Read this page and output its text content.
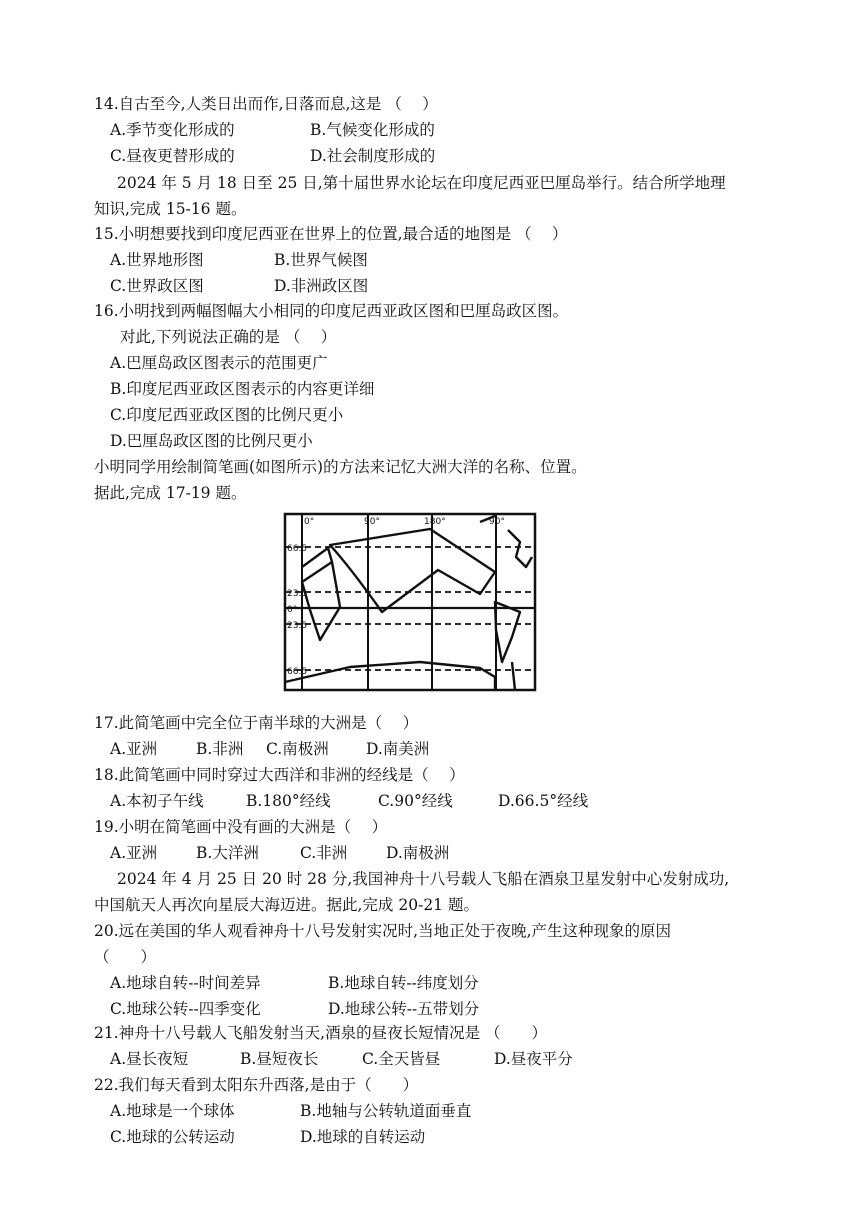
14.自古至今,人类日出而作,日落而息,这是 （　 ）
A.季节变化形成的	B.气候变化形成的
C.昼夜更替形成的	D.社会制度形成的
2024 年 5 月 18 日至 25 日,第十届世界水论坛在印度尼西亚巴厘岛举行。结合所学地理
知识,完成 15-16 题。
15.小明想要找到印度尼西亚在世界上的位置,最合适的地图是 （　 ）
A.世界地形图	B.世界气候图
C.世界政区图	D.非洲政区图
16.小明找到两幅图幅大小相同的印度尼西亚政区图和巴厘岛政区图。
对此,下列说法正确的是 （　 ）
A.巴厘岛政区图表示的范围更广
B.印度尼西亚政区图表示的内容更详细
C.印度尼西亚政区图的比例尺更小
D.巴厘岛政区图的比例尺更小
小明同学用绘制简笔画(如图所示)的方法来记忆大洲大洋的名称、位置。
据此,完成 17-19 题。
0°	90°	180°	90°
66.5
23.5
0°
23.5
66.5
17.此简笔画中完全位于南半球的大洲是（　 ）
A.亚洲	B.非洲 C.南极洲 D.南美洲
18.此简笔画中同时穿过大西洋和非洲的经线是（　 ）
A.本初子午线	B.180°经线	C.90°经线	D.66.5°经线
19.小明在简笔画中没有画的大洲是（　 ）
A.亚洲	B.大洋洲	C.非洲	D.南极洲
2024 年 4 月 25 日 20 时 28 分,我国神舟十八号载人飞船在酒泉卫星发射中心发射成功,
中国航天人再次向星辰大海迈进。据此,完成 20-21 题。
20.远在美国的华人观看神舟十八号发射实况时,当地正处于夜晚,产生这种现象的原因
（　　）
A.地球自转--时间差异	B.地球自转--纬度划分
C.地球公转--四季变化	D.地球公转--五带划分
21.神舟十八号载人飞船发射当天,酒泉的昼夜长短情况是 （　　）
A.昼长夜短	B.昼短夜长	C.全天皆昼	D.昼夜平分
22.我们每天看到太阳东升西落,是由于（　　）
A.地球是一个球体	B.地轴与公转轨道面垂直
C.地球的公转运动	D.地球的自转运动
